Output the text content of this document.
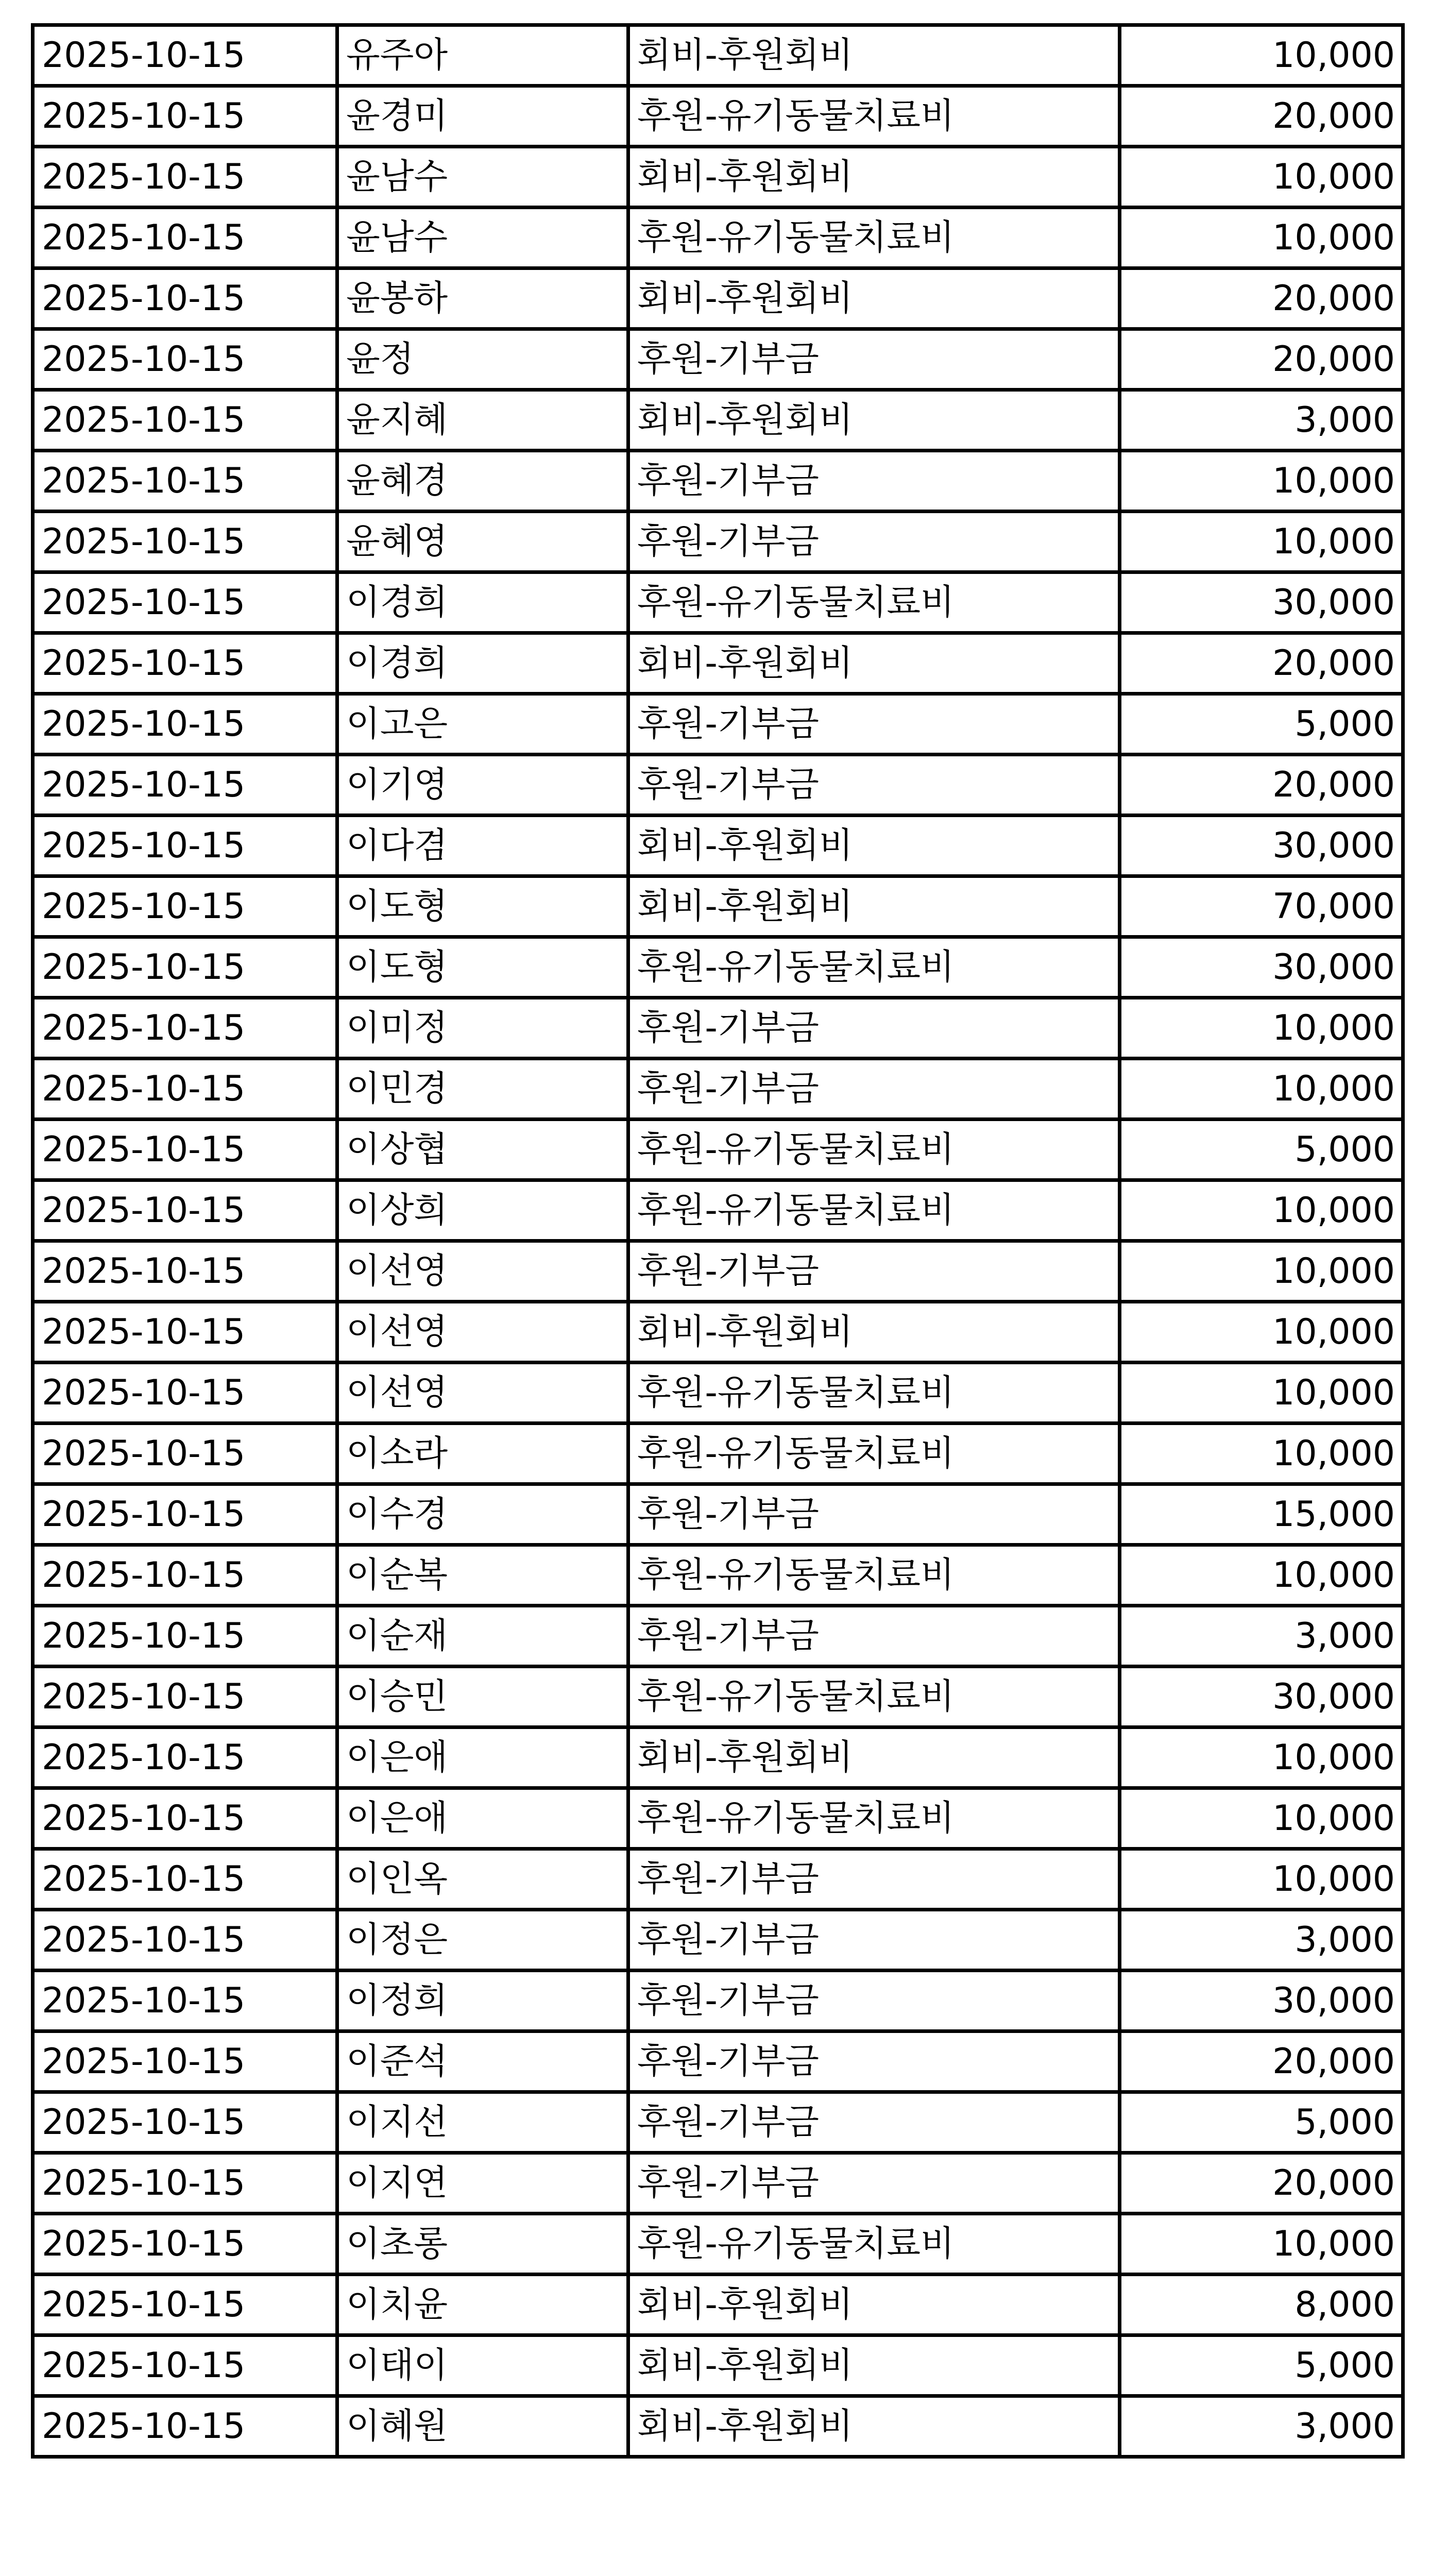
2025-10-15	유주아	회비-후원회비	10,000
2025-10-15	윤경미	후원-유기동물치료비	20,000
2025-10-15	윤남수	회비-후원회비	10,000
2025-10-15	윤남수	후원-유기동물치료비	10,000
2025-10-15	윤봉하	회비-후원회비	20,000
2025-10-15	윤정	후원-기부금	20,000
2025-10-15	윤지혜	회비-후원회비	3,000
2025-10-15	윤혜경	후원-기부금	10,000
2025-10-15	윤혜영	후원-기부금	10,000
2025-10-15	이경희	후원-유기동물치료비	30,000
2025-10-15	이경희	회비-후원회비	20,000
2025-10-15	이고은	후원-기부금	5,000
2025-10-15	이기영	후원-기부금	20,000
2025-10-15	이다겸	회비-후원회비	30,000
2025-10-15	이도형	회비-후원회비	70,000
2025-10-15	이도형	후원-유기동물치료비	30,000
2025-10-15	이미정	후원-기부금	10,000
2025-10-15	이민경	후원-기부금	10,000
2025-10-15	이상협	후원-유기동물치료비	5,000
2025-10-15	이상희	후원-유기동물치료비	10,000
2025-10-15	이선영	후원-기부금	10,000
2025-10-15	이선영	회비-후원회비	10,000
2025-10-15	이선영	후원-유기동물치료비	10,000
2025-10-15	이소라	후원-유기동물치료비	10,000
2025-10-15	이수경	후원-기부금	15,000
2025-10-15	이순복	후원-유기동물치료비	10,000
2025-10-15	이순재	후원-기부금	3,000
2025-10-15	이승민	후원-유기동물치료비	30,000
2025-10-15	이은애	회비-후원회비	10,000
2025-10-15	이은애	후원-유기동물치료비	10,000
2025-10-15	이인옥	후원-기부금	10,000
2025-10-15	이정은	후원-기부금	3,000
2025-10-15	이정희	후원-기부금	30,000
2025-10-15	이준석	후원-기부금	20,000
2025-10-15	이지선	후원-기부금	5,000
2025-10-15	이지연	후원-기부금	20,000
2025-10-15	이초롱	후원-유기동물치료비	10,000
2025-10-15	이치윤	회비-후원회비	8,000
2025-10-15	이태이	회비-후원회비	5,000
2025-10-15	이혜원	회비-후원회비	3,000
